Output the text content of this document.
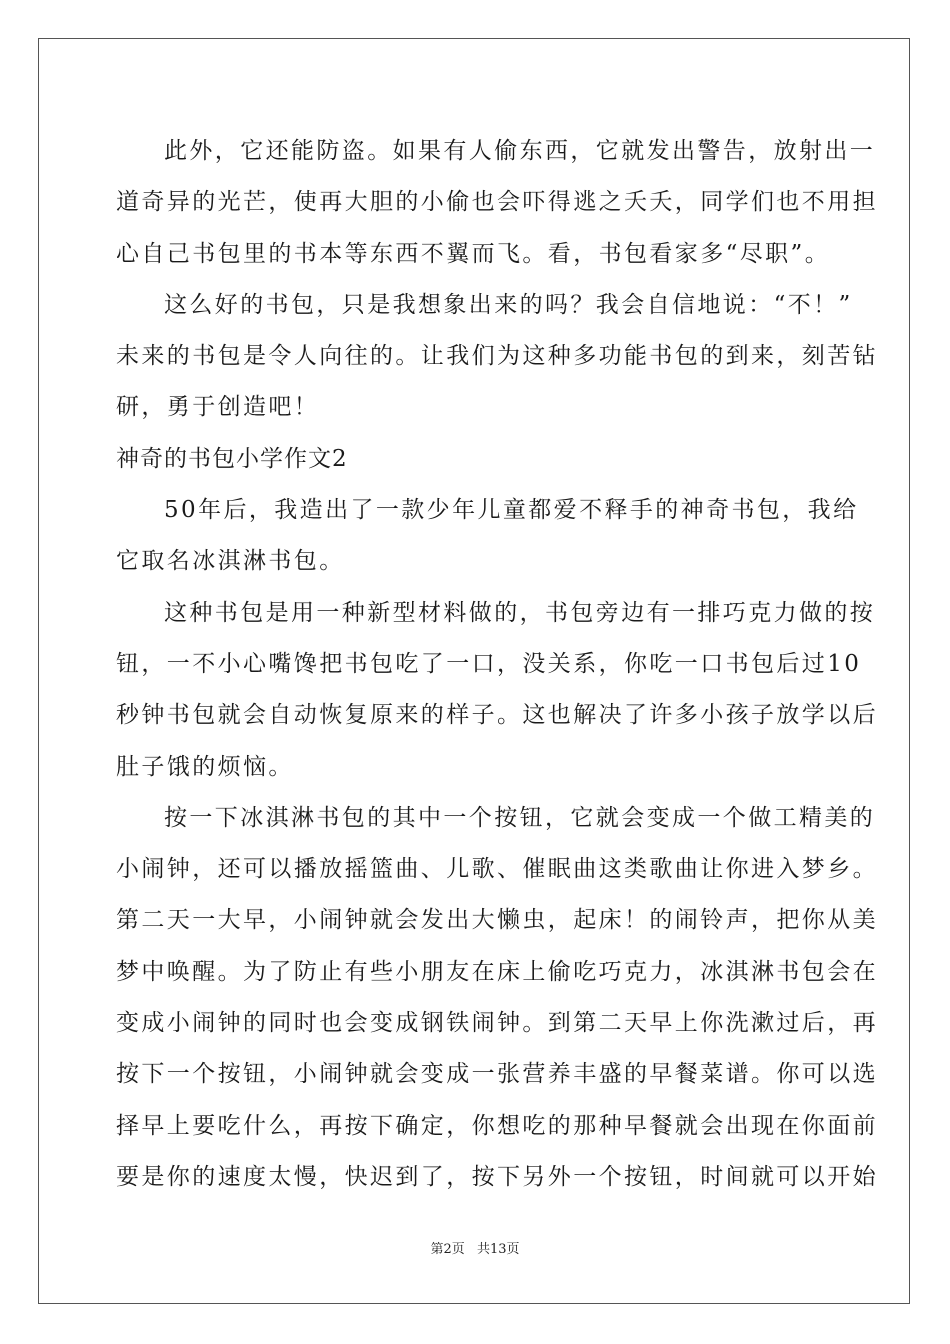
此外，它还能防盗。如果有人偷东西，它就发出警告，放射出一
道奇异的光芒，使再大胆的小偷也会吓得逃之夭夭，同学们也不用担
心自己书包里的书本等东西不翼而飞。看，书包看家多“尽职”。
这么好的书包，只是我想象出来的吗？我会自信地说：“不！”
未来的书包是令人向往的。让我们为这种多功能书包的到来，刻苦钻
研，勇于创造吧！
神奇的书包小学作文2
50年后，我造出了一款少年儿童都爱不释手的神奇书包，我给
它取名冰淇淋书包。
这种书包是用一种新型材料做的，书包旁边有一排巧克力做的按
钮，一不小心嘴馋把书包吃了一口，没关系，你吃一口书包后过10
秒钟书包就会自动恢复原来的样子。这也解决了许多小孩子放学以后
肚子饿的烦恼。
按一下冰淇淋书包的其中一个按钮，它就会变成一个做工精美的
小闹钟，还可以播放摇篮曲、儿歌、催眠曲这类歌曲让你进入梦乡。
第二天一大早，小闹钟就会发出大懒虫，起床！的闹铃声，把你从美
梦中唤醒。为了防止有些小朋友在床上偷吃巧克力，冰淇淋书包会在
变成小闹钟的同时也会变成钢铁闹钟。到第二天早上你洗漱过后，再
按下一个按钮，小闹钟就会变成一张营养丰盛的早餐菜谱。你可以选
择早上要吃什么，再按下确定，你想吃的那种早餐就会出现在你面前
要是你的速度太慢，快迟到了，按下另外一个按钮，时间就可以开始
第2页 共13页
